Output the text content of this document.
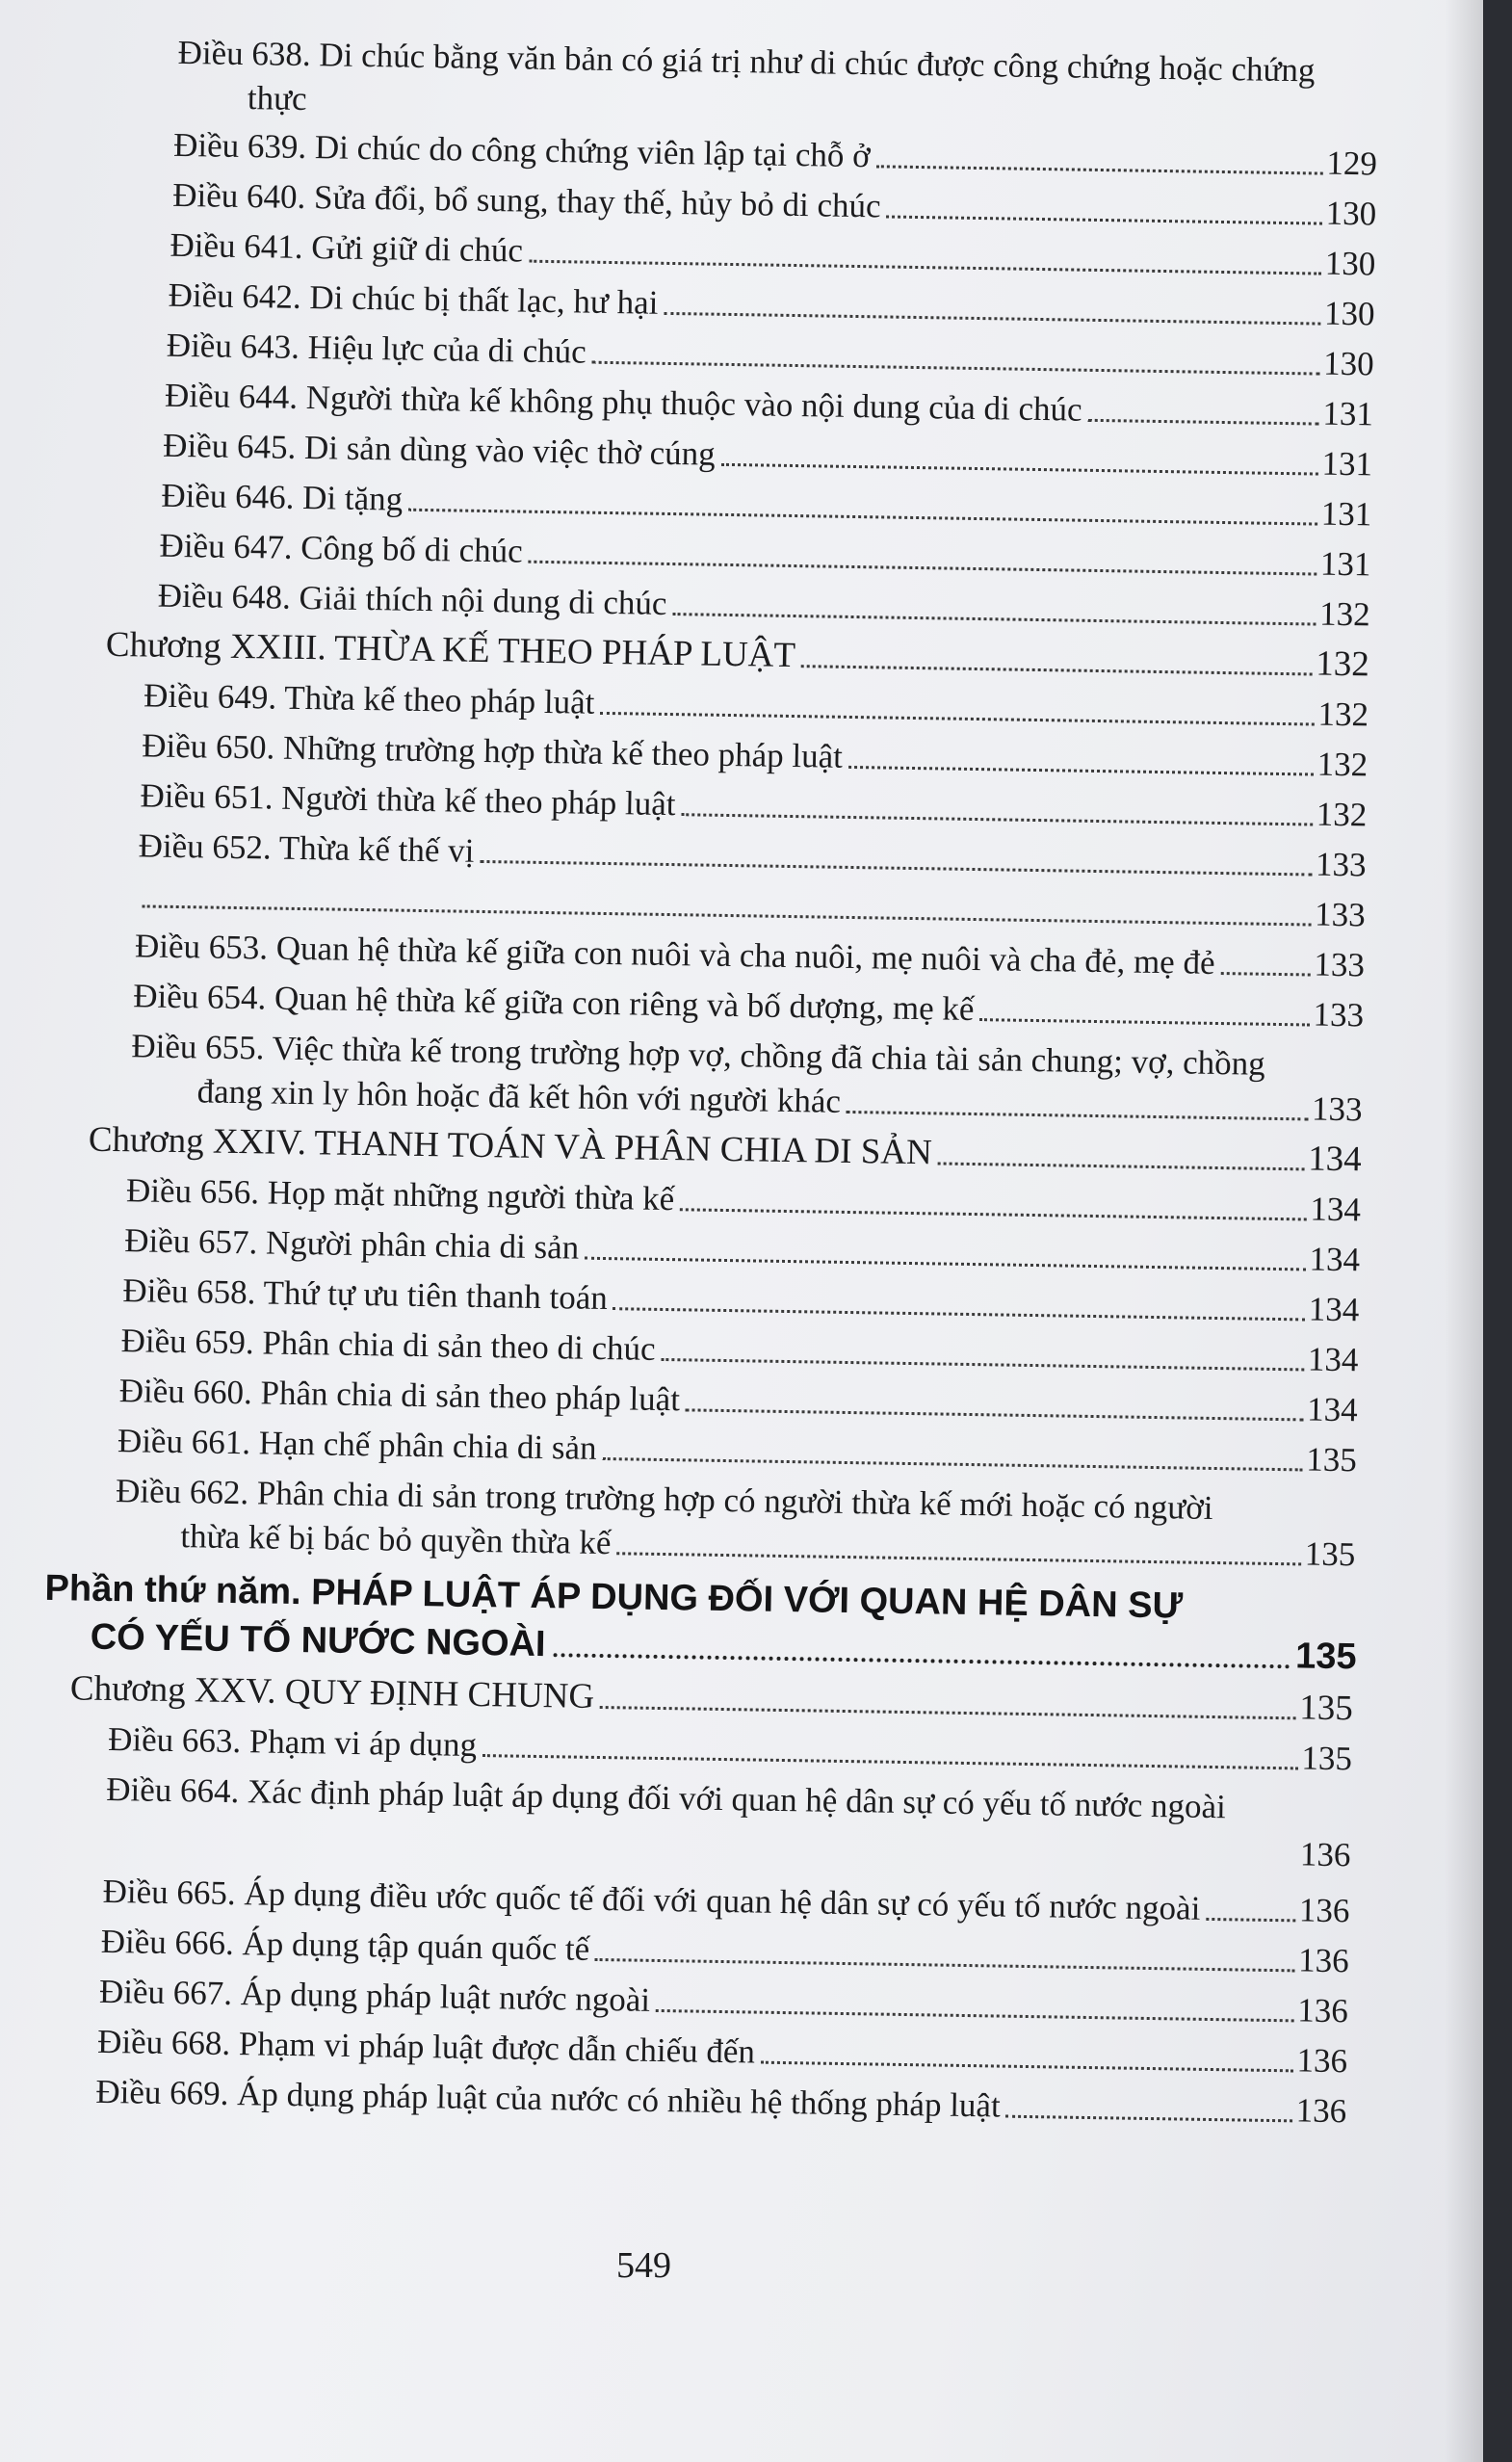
Điều 638. Di chúc bằng văn bản có giá trị như di chúc được công chứng hoặc chứng
thực
Điều 639. Di chúc do công chứng viên lập tại chỗ ở	129
Điều 640. Sửa đổi, bổ sung, thay thế, hủy bỏ di chúc	130
Điều 641. Gửi giữ di chúc	130
Điều 642. Di chúc bị thất lạc, hư hại	130
Điều 643. Hiệu lực của di chúc	130
Điều 644. Người thừa kế không phụ thuộc vào nội dung của di chúc	131
Điều 645. Di sản dùng vào việc thờ cúng	131
Điều 646. Di tặng	131
Điều 647. Công bố di chúc	131
Điều 648. Giải thích nội dung di chúc	132
Chương XXIII. THỪA KẾ THEO PHÁP LUẬT	132
Điều 649. Thừa kế theo pháp luật	132
Điều 650. Những trường hợp thừa kế theo pháp luật	132
Điều 651. Người thừa kế theo pháp luật	132
Điều 652. Thừa kế thế vị	133
133
Điều 653. Quan hệ thừa kế giữa con nuôi và cha nuôi, mẹ nuôi và cha đẻ, mẹ đẻ	133
Điều 654. Quan hệ thừa kế giữa con riêng và bố dượng, mẹ kế	133
Điều 655. Việc thừa kế trong trường hợp vợ, chồng đã chia tài sản chung; vợ, chồng
đang xin ly hôn hoặc đã kết hôn với người khác	133
Chương XXIV. THANH TOÁN VÀ PHÂN CHIA DI SẢN	134
Điều 656. Họp mặt những người thừa kế	134
Điều 657. Người phân chia di sản	134
Điều 658. Thứ tự ưu tiên thanh toán	134
Điều 659. Phân chia di sản theo di chúc	134
Điều 660. Phân chia di sản theo pháp luật	134
Điều 661. Hạn chế phân chia di sản	135
Điều 662. Phân chia di sản trong trường hợp có người thừa kế mới hoặc có người
thừa kế bị bác bỏ quyền thừa kế	135
Phần thứ năm. PHÁP LUẬT ÁP DỤNG ĐỐI VỚI QUAN HỆ DÂN SỰ
CÓ YẾU TỐ NƯỚC NGOÀI	135
Chương XXV. QUY ĐỊNH CHUNG	135
Điều 663. Phạm vi áp dụng	135
Điều 664. Xác định pháp luật áp dụng đối với quan hệ dân sự có yếu tố nước ngoài
136
Điều 665. Áp dụng điều ước quốc tế đối với quan hệ dân sự có yếu tố nước ngoài	136
Điều 666. Áp dụng tập quán quốc tế	136
Điều 667. Áp dụng pháp luật nước ngoài	136
Điều 668. Phạm vi pháp luật được dẫn chiếu đến	136
Điều 669. Áp dụng pháp luật của nước có nhiều hệ thống pháp luật	136
549
